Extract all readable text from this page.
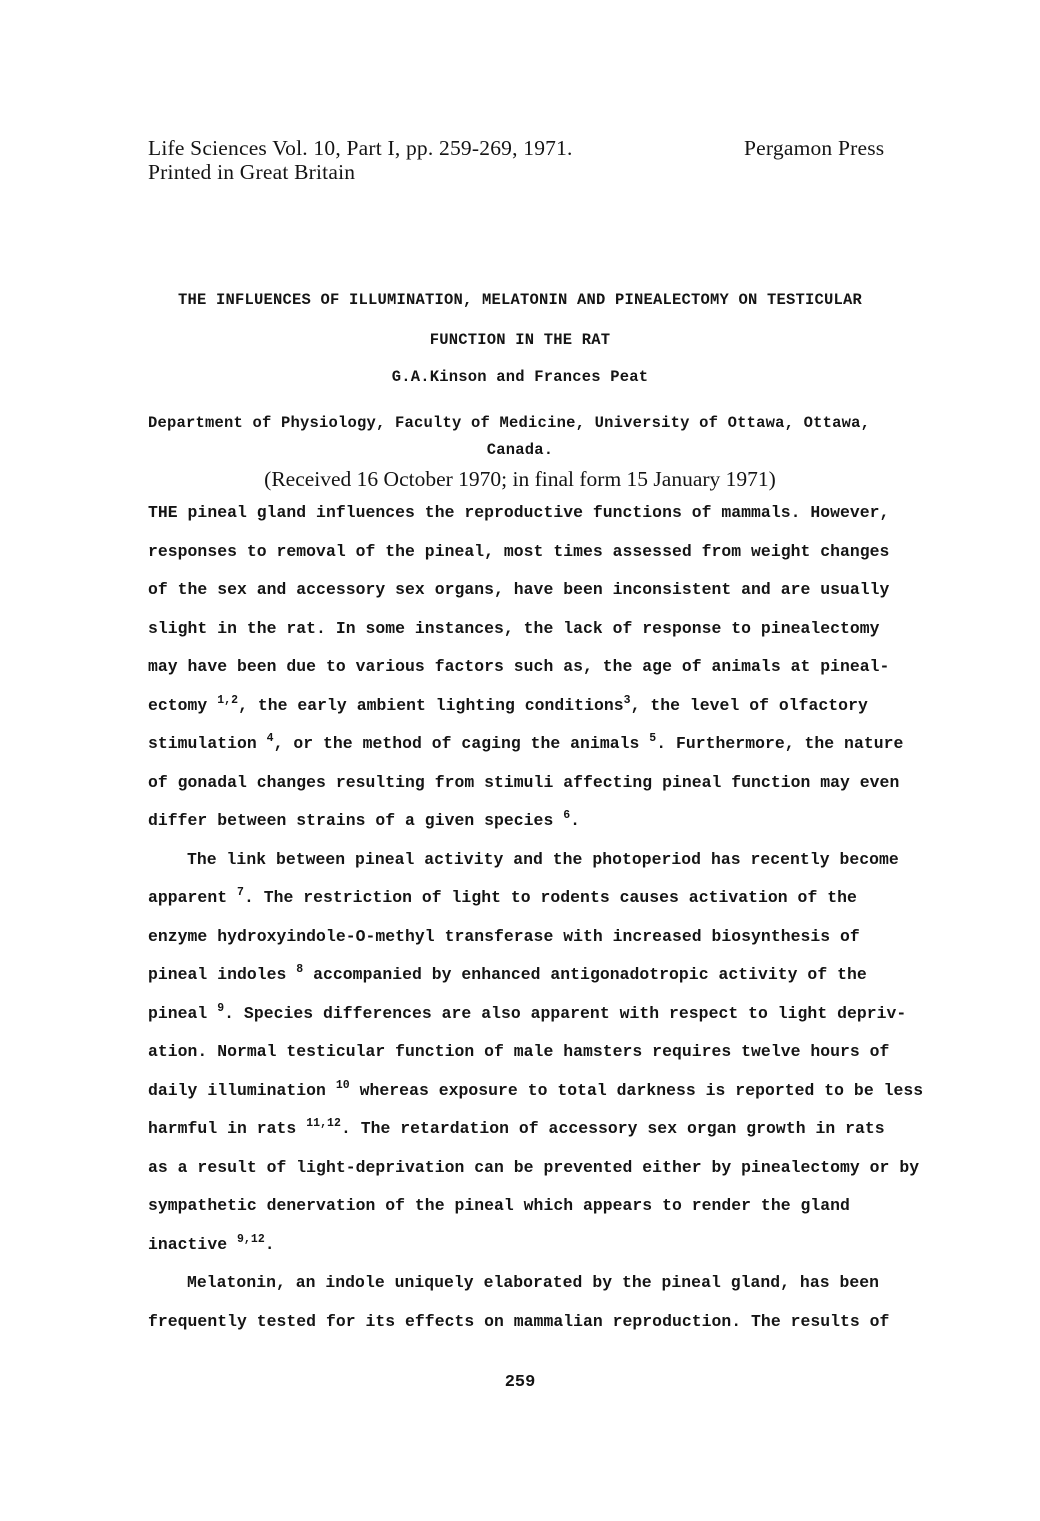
Life Sciences Vol. 10, Part I, pp. 259-269, 1971.
Printed in Great Britain
Pergamon Press
THE INFLUENCES OF ILLUMINATION, MELATONIN AND PINEALECTOMY ON TESTICULAR
FUNCTION IN THE RAT
G.A.Kinson and Frances Peat
Department of Physiology, Faculty of Medicine, University of Ottawa, Ottawa,
Canada.
(Received 16 October 1970; in final form 15 January 1971)
THE pineal gland influences the reproductive functions of mammals. However,
responses to removal of the pineal, most times assessed from weight changes
of the sex and accessory sex organs, have been inconsistent and are usually
slight in the rat. In some instances, the lack of response to pinealectomy
may have been due to various factors such as, the age of animals at pineal-
ectomy $^{1,2}$, the early ambient lighting conditions$^3$, the level of olfactory
stimulation $^4$, or the method of caging the animals $^5$. Furthermore, the nature
of gonadal changes resulting from stimuli affecting pineal function may even
differ between strains of a given species $^6$.
The link between pineal activity and the photoperiod has recently become
apparent $^7$. The restriction of light to rodents causes activation of the
enzyme hydroxyindole-O-methyl transferase with increased biosynthesis of
pineal indoles $^8$ accompanied by enhanced antigonadotropic activity of the
pineal $^9$. Species differences are also apparent with respect to light depriv-
ation. Normal testicular function of male hamsters requires twelve hours of
daily illumination $^{10}$ whereas exposure to total darkness is reported to be less
harmful in rats $^{11,12}$. The retardation of accessory sex organ growth in rats
as a result of light-deprivation can be prevented either by pinealectomy or by
sympathetic denervation of the pineal which appears to render the gland
inactive $^{9,12}$.
Melatonin, an indole uniquely elaborated by the pineal gland, has been
frequently tested for its effects on mammalian reproduction. The results of
259
